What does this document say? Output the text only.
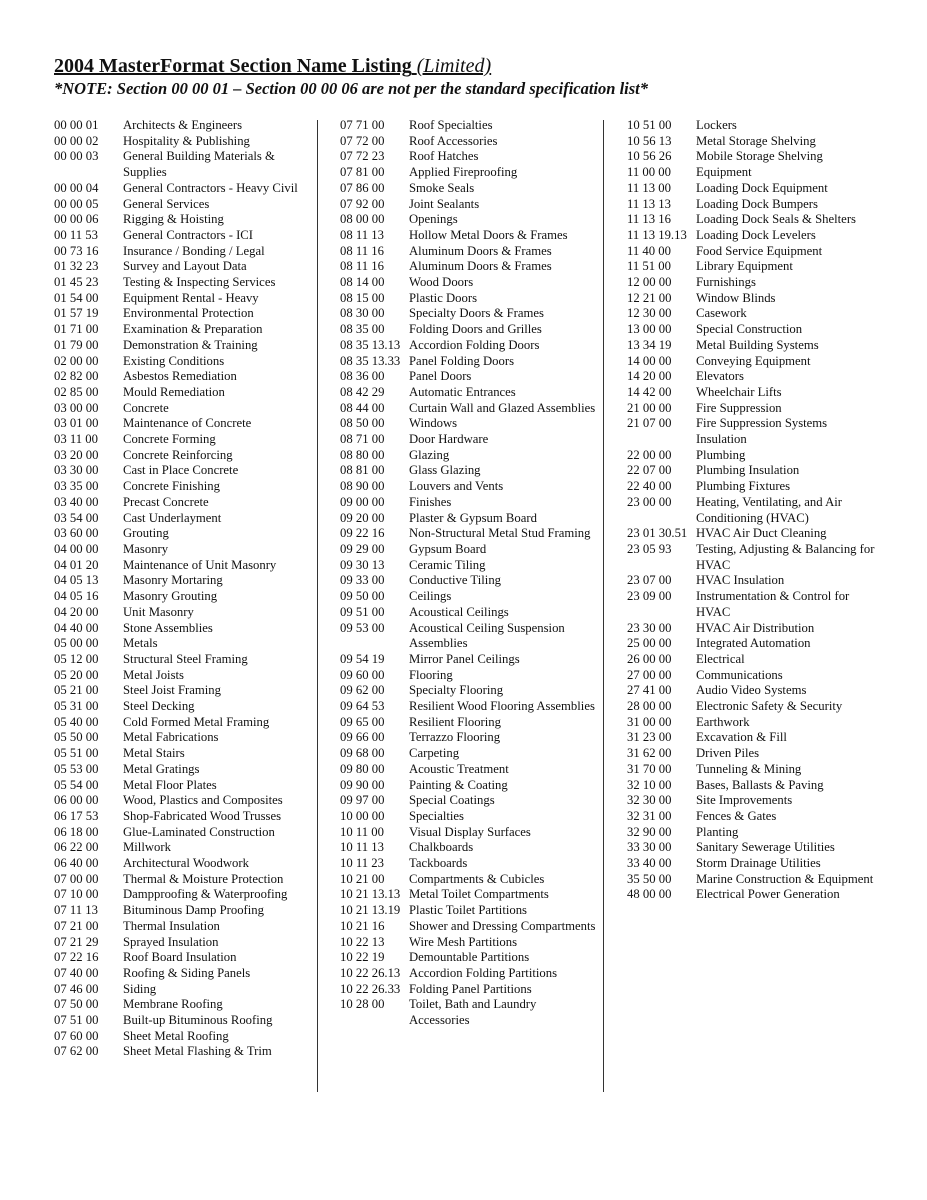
2004 MasterFormat Section Name Listing (Limited)
*NOTE: Section 00 00 01 – Section 00 00 06 are not per the standard specification list*
00 00 01	Architects & Engineers
00 00 02	Hospitality & Publishing
00 00 03	General Building Materials & Supplies
00 00 04	General Contractors - Heavy Civil
00 00 05	General Services
00 00 06	Rigging & Hoisting
00 11 53	General Contractors - ICI
00 73 16	Insurance / Bonding / Legal
01 32 23	Survey and Layout Data
01 45 23	Testing & Inspecting Services
01 54 00	Equipment Rental - Heavy
01 57 19	Environmental Protection
01 71 00	Examination & Preparation
01 79 00	Demonstration & Training
02 00 00	Existing Conditions
02 82 00	Asbestos Remediation
02 85 00	Mould Remediation
03 00 00	Concrete
03 01 00	Maintenance of Concrete
03 11 00	Concrete Forming
03 20 00	Concrete Reinforcing
03 30 00	Cast in Place Concrete
03 35 00	Concrete Finishing
03 40 00	Precast Concrete
03 54 00	Cast Underlayment
03 60 00	Grouting
04 00 00	Masonry
04 01 20	Maintenance of Unit Masonry
04 05 13	Masonry Mortaring
04 05 16	Masonry Grouting
04 20 00	Unit Masonry
04 40 00	Stone Assemblies
05 00 00	Metals
05 12 00	Structural Steel Framing
05 20 00	Metal Joists
05 21 00	Steel Joist Framing
05 31 00	Steel Decking
05 40 00	Cold Formed Metal Framing
05 50 00	Metal Fabrications
05 51 00	Metal Stairs
05 53 00	Metal Gratings
05 54 00	Metal Floor Plates
06 00 00	Wood, Plastics and Composites
06 17 53	Shop-Fabricated Wood Trusses
06 18 00	Glue-Laminated Construction
06 22 00	Millwork
06 40 00	Architectural Woodwork
07 00 00	Thermal & Moisture Protection
07 10 00	Dampproofing & Waterproofing
07 11 13	Bituminous Damp Proofing
07 21 00	Thermal Insulation
07 21 29	Sprayed Insulation
07 22 16	Roof Board Insulation
07 40 00	Roofing & Siding Panels
07 46 00	Siding
07 50 00	Membrane Roofing
07 51 00	Built-up Bituminous Roofing
07 60 00	Sheet Metal Roofing
07 62 00	Sheet Metal Flashing & Trim
07 71 00	Roof Specialties
07 72 00	Roof Accessories
07 72 23	Roof Hatches
07 81 00	Applied Fireproofing
07 86 00	Smoke Seals
07 92 00	Joint Sealants
08 00 00	Openings
08 11 13	Hollow Metal Doors & Frames
08 11 16	Aluminum Doors & Frames
08 11 16	Aluminum Doors & Frames
08 14 00	Wood Doors
08 15 00	Plastic Doors
08 30 00	Specialty Doors & Frames
08 35 00	Folding Doors and Grilles
08 35 13.13 Accordion Folding Doors
08 35 13.33 Panel Folding Doors
08 36 00	Panel Doors
08 42 29	Automatic Entrances
08 44 00	Curtain Wall and Glazed Assemblies
08 50 00	Windows
08 71 00	Door Hardware
08 80 00	Glazing
08 81 00	Glass Glazing
08 90 00	Louvers and Vents
09 00 00	Finishes
09 20 00	Plaster & Gypsum Board
09 22 16	Non-Structural Metal Stud Framing
09 29 00	Gypsum Board
09 30 13	Ceramic Tiling
09 33 00	Conductive Tiling
09 50 00	Ceilings
09 51 00	Acoustical Ceilings
09 53 00	Acoustical Ceiling Suspension Assemblies
09 54 19	Mirror Panel Ceilings
09 60 00	Flooring
09 62 00	Specialty Flooring
09 64 53	Resilient Wood Flooring Assemblies
09 65 00	Resilient Flooring
09 66 00	Terrazzo Flooring
09 68 00	Carpeting
09 80 00	Acoustic Treatment
09 90 00	Painting & Coating
09 97 00	Special Coatings
10 00 00	Specialties
10 11 00	Visual Display Surfaces
10 11 13	Chalkboards
10 11 23	Tackboards
10 21 00	Compartments & Cubicles
10 21 13.13 Metal Toilet Compartments
10 21 13.19 Plastic Toilet Partitions
10 21 16	Shower and Dressing Compartments
10 22 13	Wire Mesh Partitions
10 22 19	Demountable Partitions
10 22 26.13 Accordion Folding Partitions
10 22 26.33 Folding Panel Partitions
10 28 00	Toilet, Bath and Laundry Accessories
10 51 00	Lockers
10 56 13	Metal Storage Shelving
10 56 26	Mobile Storage Shelving
11 00 00	Equipment
11 13 00	Loading Dock Equipment
11 13 13	Loading Dock Bumpers
11 13 16	Loading Dock Seals & Shelters
11 13 19.13 Loading Dock Levelers
11 40 00	Food Service Equipment
11 51 00	Library Equipment
12 00 00	Furnishings
12 21 00	Window Blinds
12 30 00	Casework
13 00 00	Special Construction
13 34 19	Metal Building Systems
14 00 00	Conveying Equipment
14 20 00	Elevators
14 42 00	Wheelchair Lifts
21 00 00	Fire Suppression
21 07 00	Fire Suppression Systems Insulation
22 00 00	Plumbing
22 07 00	Plumbing Insulation
22 40 00	Plumbing Fixtures
23 00 00	Heating, Ventilating, and Air Conditioning (HVAC)
23 01 30.51 HVAC Air Duct Cleaning
23 05 93	Testing, Adjusting & Balancing for HVAC
23 07 00	HVAC Insulation
23 09 00	Instrumentation & Control for HVAC
23 30 00	HVAC Air Distribution
25 00 00	Integrated Automation
26 00 00	Electrical
27 00 00	Communications
27 41 00	Audio Video Systems
28 00 00	Electronic Safety & Security
31 00 00	Earthwork
31 23 00	Excavation & Fill
31 62 00	Driven Piles
31 70 00	Tunneling & Mining
32 10 00	Bases, Ballasts & Paving
32 30 00	Site Improvements
32 31 00	Fences & Gates
32 90 00	Planting
33 30 00	Sanitary Sewerage Utilities
33 40 00	Storm Drainage Utilities
35 50 00	Marine Construction & Equipment
48 00 00	Electrical Power Generation
